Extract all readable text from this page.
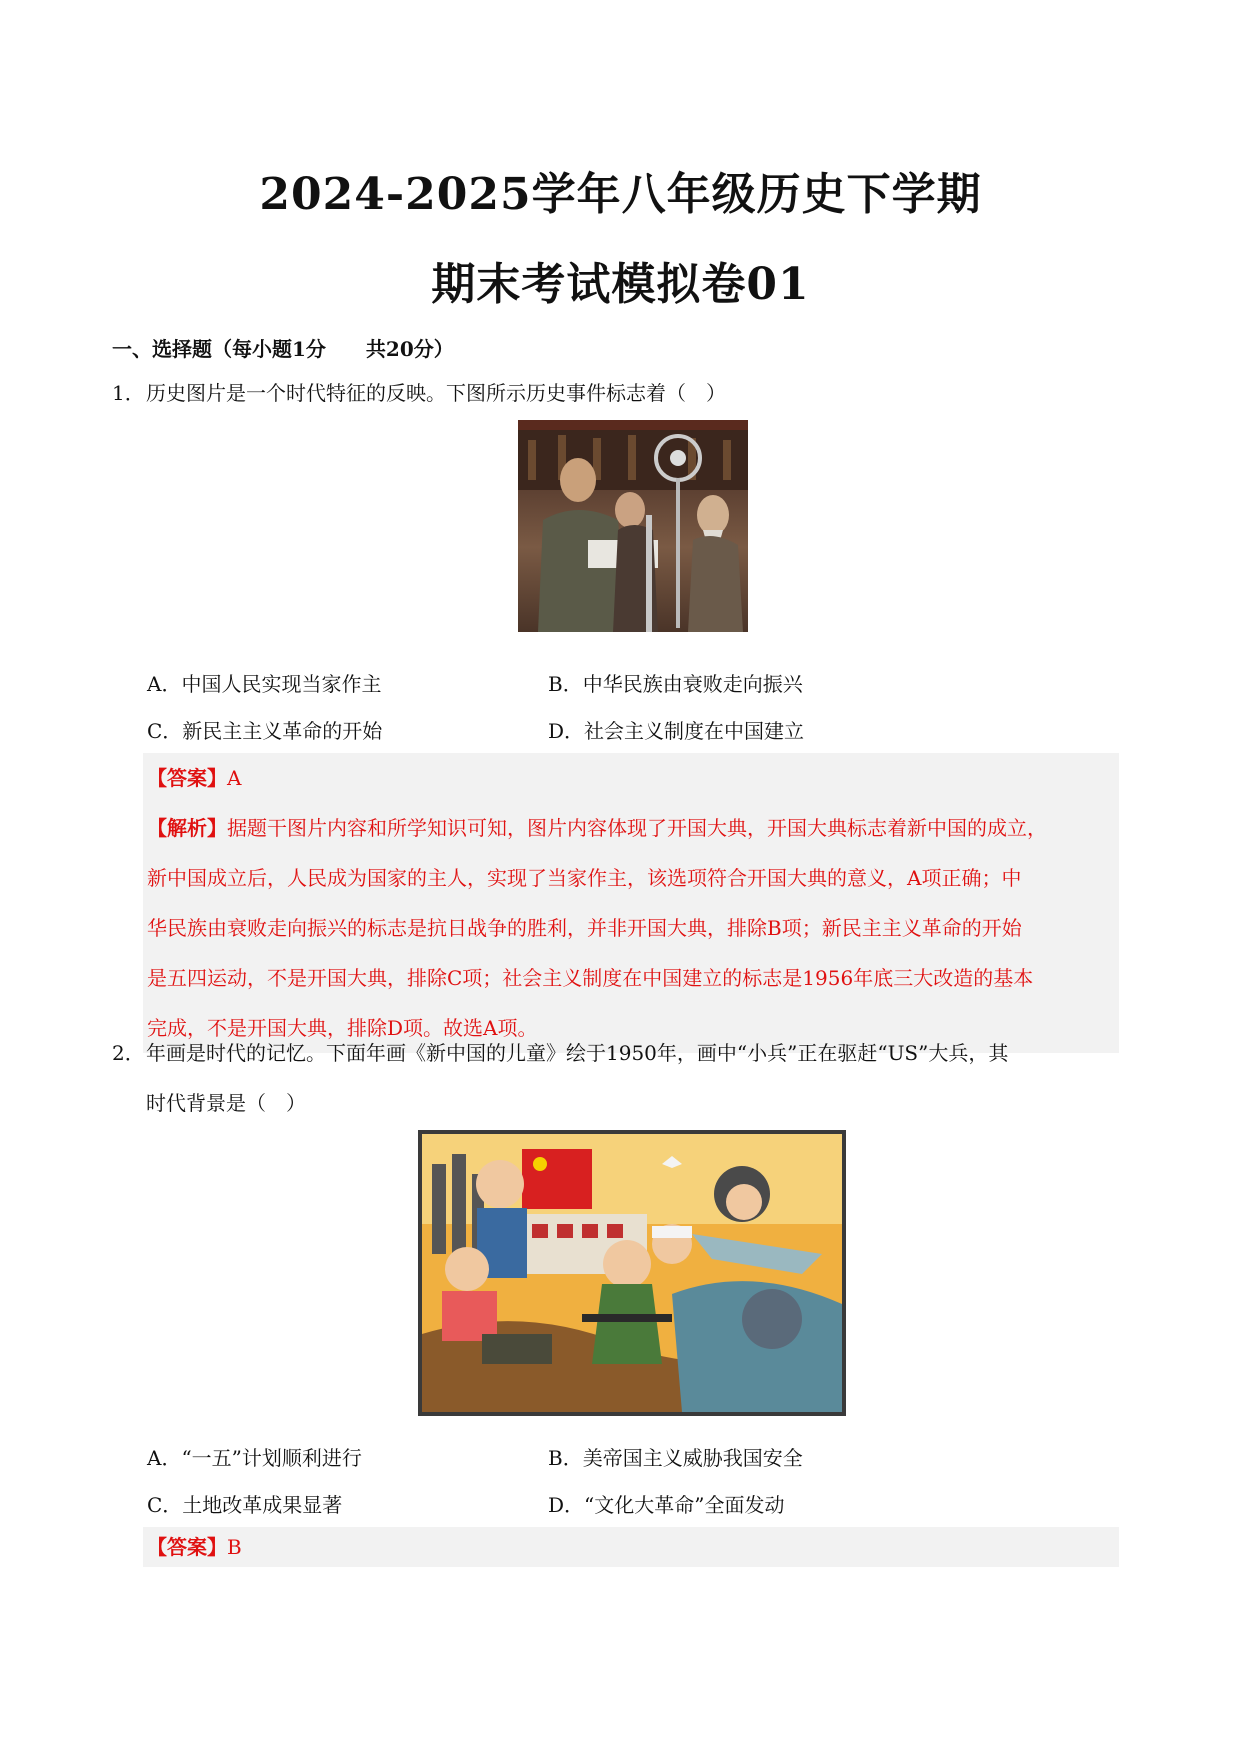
2024-2025学年八年级历史下学期
期末考试模拟卷01
一、选择题（每小题1分　　共20分）
1．历史图片是一个时代特征的反映。下图所示历史事件标志着（　）
A．中国人民实现当家作主	B．中华民族由衰败走向振兴
C．新民主主义革命的开始	D．社会主义制度在中国建立
【答案】A
【解析】据题干图片内容和所学知识可知，图片内容体现了开国大典，开国大典标志着新中国的成立，
新中国成立后，人民成为国家的主人，实现了当家作主，该选项符合开国大典的意义，A项正确；中
华民族由衰败走向振兴的标志是抗日战争的胜利，并非开国大典，排除B项；新民主主义革命的开始
是五四运动，不是开国大典，排除C项；社会主义制度在中国建立的标志是1956年底三大改造的基本
完成，不是开国大典，排除D项。故选A项。
2．年画是时代的记忆。下面年画《新中国的儿童》绘于1950年，画中“小兵”正在驱赶“US”大兵，其
时代背景是（　）
A．“一五”计划顺利进行	B．美帝国主义威胁我国安全
C．土地改革成果显著	D．“文化大革命”全面发动
【答案】B
